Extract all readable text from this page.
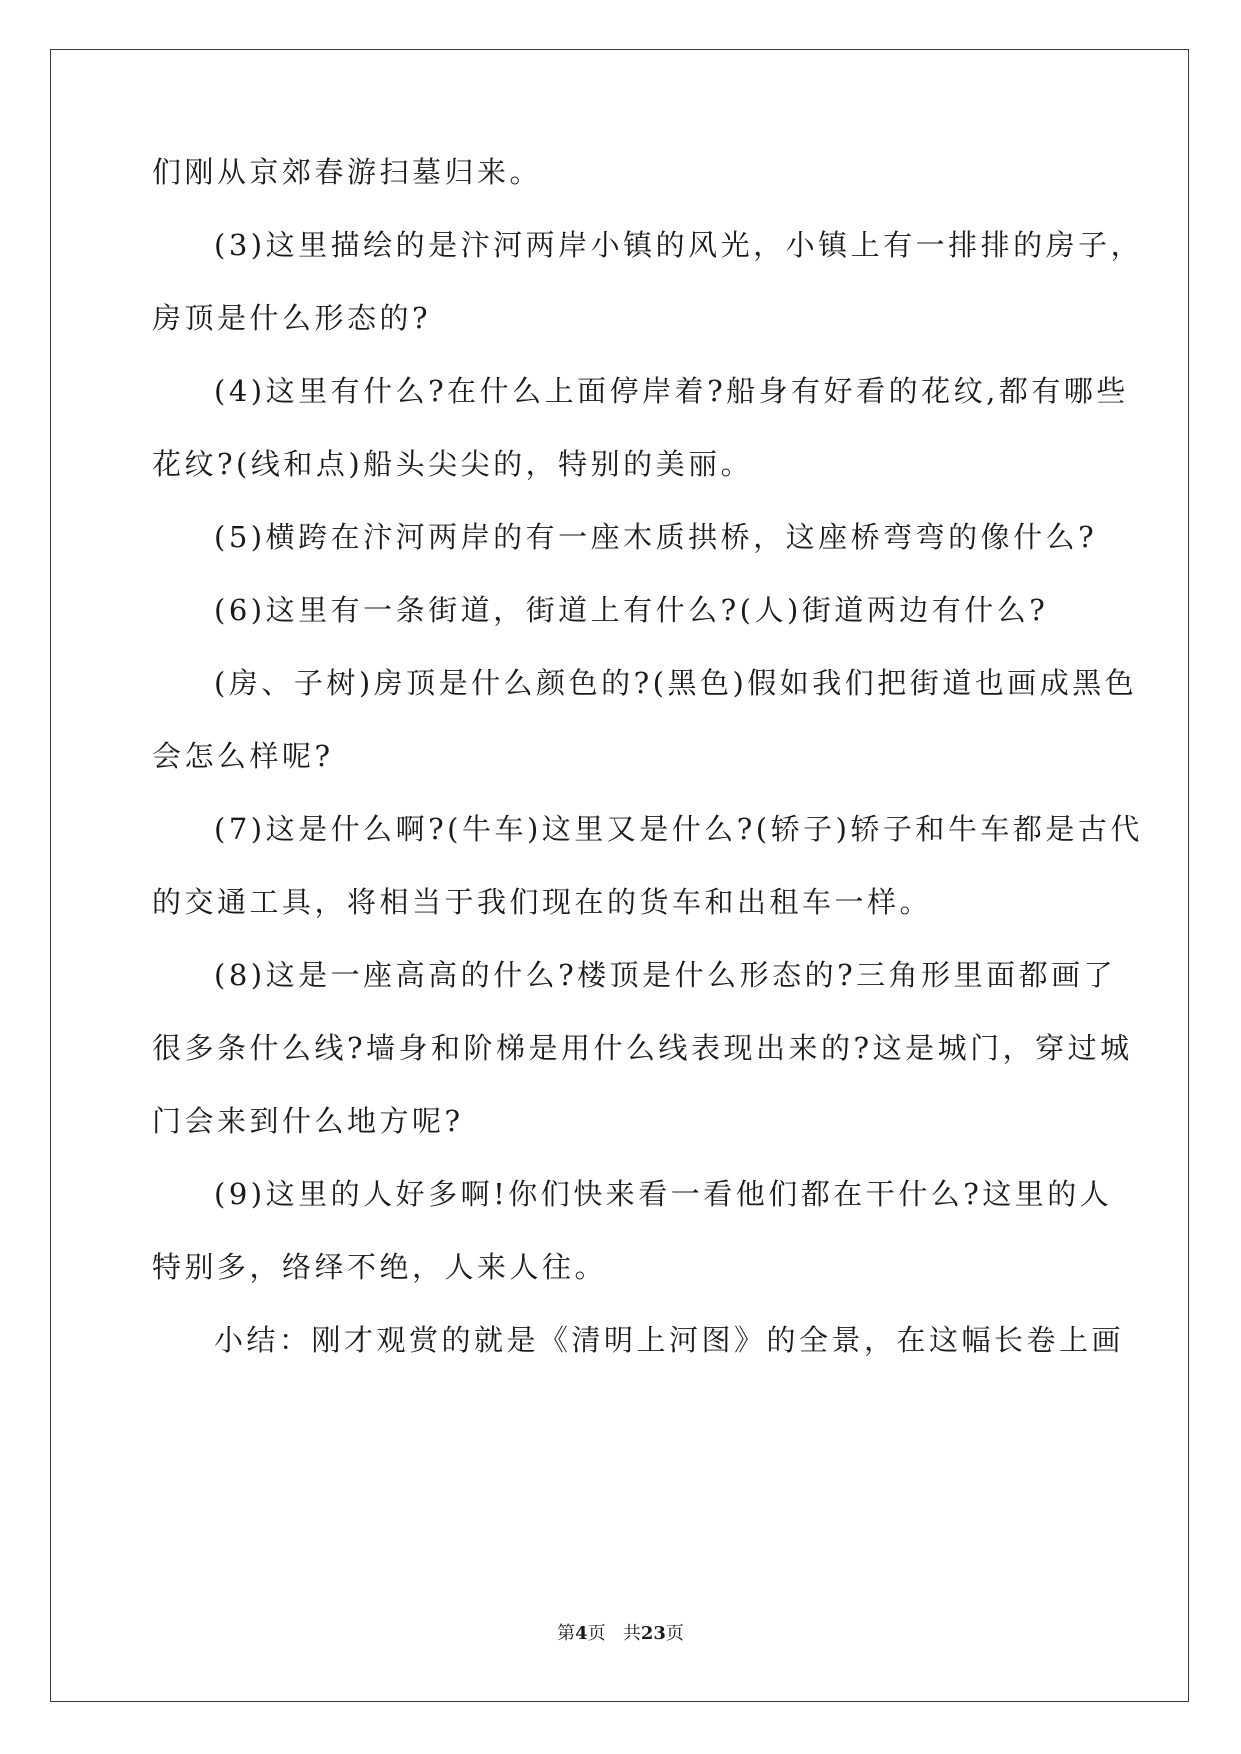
们刚从京郊春游扫墓归来。
(3)这里描绘的是汴河两岸小镇的风光，小镇上有一排排的房子，
房顶是什么形态的?
(4)这里有什么?在什么上面停岸着?船身有好看的花纹,都有哪些
花纹?(线和点)船头尖尖的，特别的美丽。
(5)横跨在汴河两岸的有一座木质拱桥，这座桥弯弯的像什么?
(6)这里有一条街道，街道上有什么?(人)街道两边有什么?
(房、子树)房顶是什么颜色的?(黑色)假如我们把街道也画成黑色
会怎么样呢?
(7)这是什么啊?(牛车)这里又是什么?(轿子)轿子和牛车都是古代
的交通工具，将相当于我们现在的货车和出租车一样。
(8)这是一座高高的什么?楼顶是什么形态的?三角形里面都画了
很多条什么线?墙身和阶梯是用什么线表现出来的?这是城门，穿过城
门会来到什么地方呢?
(9)这里的人好多啊!你们快来看一看他们都在干什么?这里的人
特别多，络绎不绝，人来人往。
小结：刚才观赏的就是《清明上河图》的全景，在这幅长卷上画
第4页 共23页
